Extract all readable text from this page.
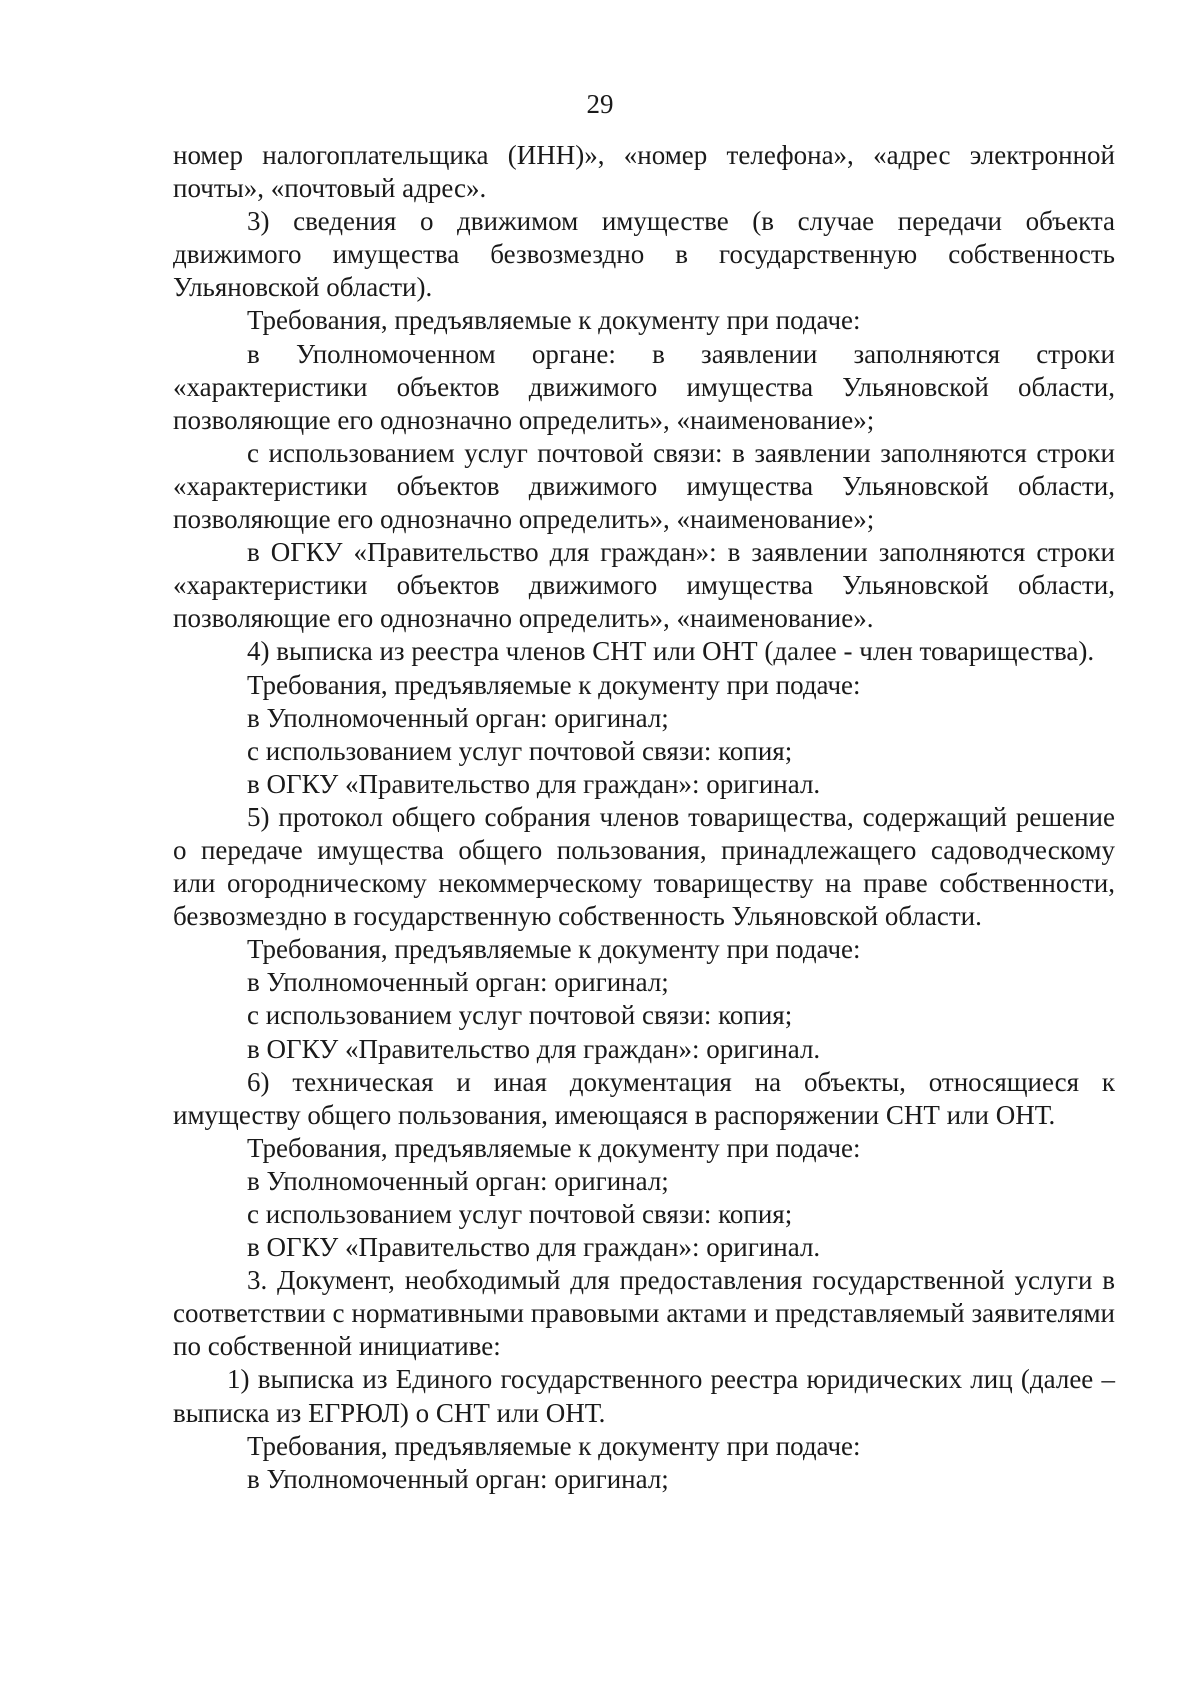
29

номер налогоплательщика (ИНН)», «номер телефона», «адрес электронной почты», «почтовый адрес».

3) сведения о движимом имуществе (в случае передачи объекта движимого имущества безвозмездно в государственную собственность Ульяновской области).

Требования, предъявляемые к документу при подаче:

в Уполномоченном органе: в заявлении заполняются строки «характеристики объектов движимого имущества Ульяновской области, позволяющие его однозначно определить», «наименование»;

с использованием услуг почтовой связи: в заявлении заполняются строки «характеристики объектов движимого имущества Ульяновской области, позволяющие его однозначно определить», «наименование»;

в ОГКУ «Правительство для граждан»: в заявлении заполняются строки «характеристики объектов движимого имущества Ульяновской области, позволяющие его однозначно определить», «наименование».

4) выписка из реестра членов СНТ или ОНТ (далее - член товарищества).

Требования, предъявляемые к документу при подаче:

в Уполномоченный орган: оригинал;

с использованием услуг почтовой связи: копия;

в ОГКУ «Правительство для граждан»: оригинал.

5) протокол общего собрания членов товарищества, содержащий решение о передаче имущества общего пользования, принадлежащего садоводческому или огородническому некоммерческому товариществу на праве собственности, безвозмездно в государственную собственность Ульяновской области.

Требования, предъявляемые к документу при подаче:

в Уполномоченный орган: оригинал;

с использованием услуг почтовой связи: копия;

в ОГКУ «Правительство для граждан»: оригинал.

6) техническая и иная документация на объекты, относящиеся к имуществу общего пользования, имеющаяся в распоряжении СНТ или ОНТ.

Требования, предъявляемые к документу при подаче:

в Уполномоченный орган: оригинал;

с использованием услуг почтовой связи: копия;

в ОГКУ «Правительство для граждан»: оригинал.

3. Документ, необходимый для предоставления государственной услуги в соответствии с нормативными правовыми актами и представляемый заявителями по собственной инициативе:

1) выписка из Единого государственного реестра юридических лиц (далее – выписка из ЕГРЮЛ) о СНТ или ОНТ.

Требования, предъявляемые к документу при подаче:

в Уполномоченный орган: оригинал;
